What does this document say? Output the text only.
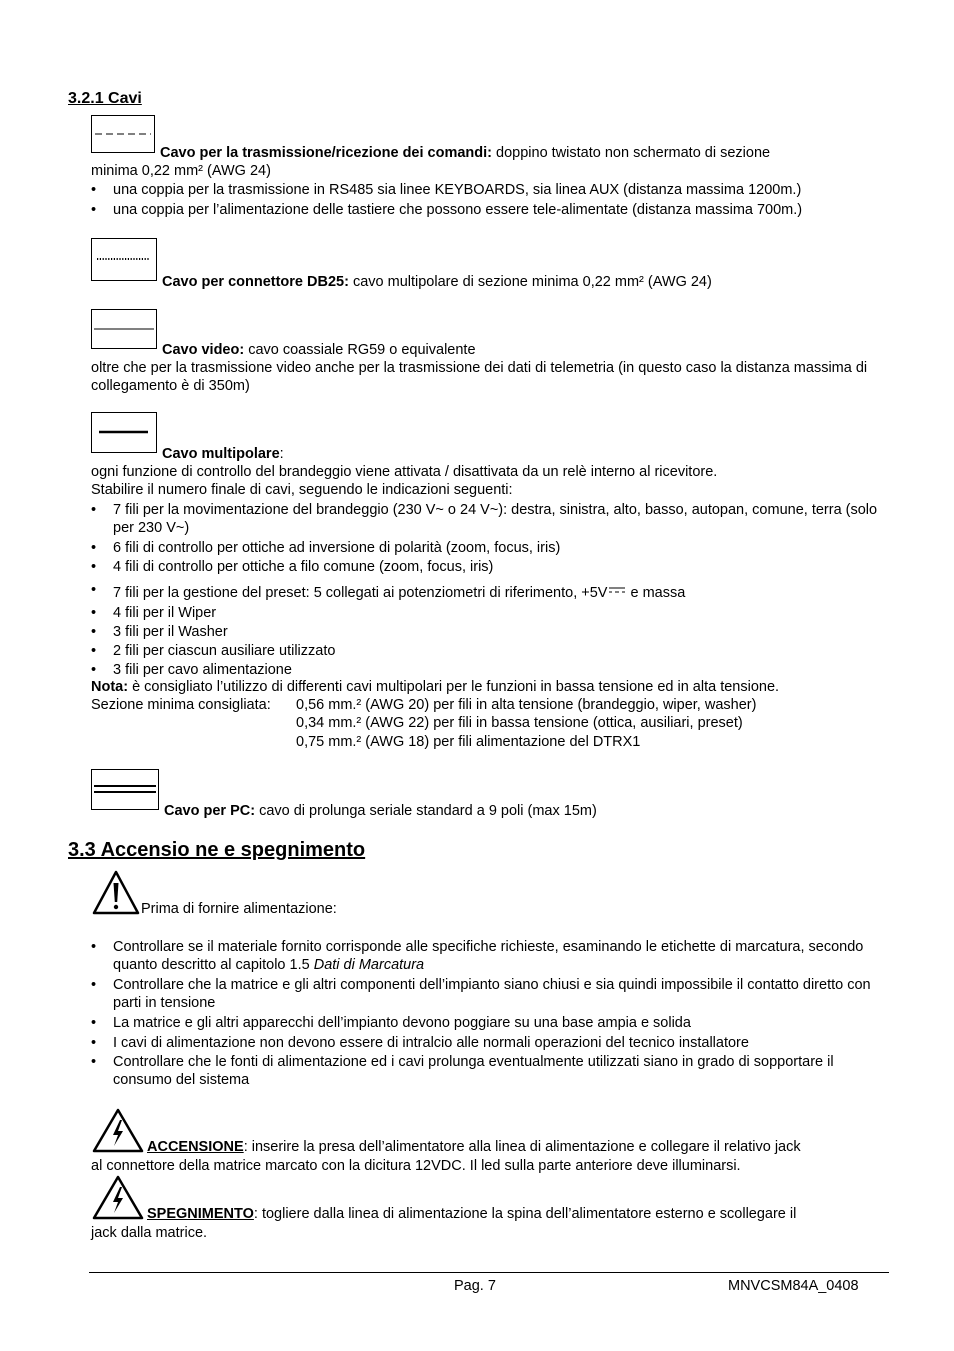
3.2.1 Cavi
Cavo per la trasmissione/ricezione dei comandi: doppino twistato non schermato di sezione
minima 0,22 mm² (AWG 24)
• una coppia per la trasmissione in RS485 sia linee KEYBOARDS, sia linea AUX (distanza massima 1200m.)
• una coppia per l’alimentazione delle tastiere che possono essere tele-alimentate (distanza massima 700m.)
Cavo per connettore DB25: cavo multipolare di sezione minima 0,22 mm² (AWG 24)
Cavo video: cavo coassiale RG59 o equivalente
oltre che per la trasmissione video anche per la trasmissione dei dati di telemetria (in questo caso la distanza massima di collegamento è di 350m)
Cavo multipolare:
ogni funzione di controllo del brandeggio viene attivata / disattivata da un relè interno al ricevitore.
Stabilire il numero finale di cavi, seguendo le indicazioni seguenti:
• 7 fili per la movimentazione del brandeggio (230 V~ o 24 V~): destra, sinistra, alto, basso, autopan, comune, terra (solo per 230 V~)
• 6 fili di controllo per ottiche ad inversione di polarità (zoom, focus, iris)
• 4 fili di controllo per ottiche a filo comune (zoom, focus, iris)
• 7 fili per la gestione del preset: 5 collegati ai potenziometri di riferimento, +5V e massa
• 4 fili per il Wiper
• 3 fili per il Washer
• 2 fili per ciascun ausiliare utilizzato
• 3 fili per cavo alimentazione
Nota: è consigliato l’utilizzo di differenti cavi multipolari per le funzioni in bassa tensione ed in alta tensione.
Sezione minima consigliata:	0,56 mm.² (AWG 20) per fili in alta tensione (brandeggio, wiper, washer)
0,34 mm.² (AWG 22) per fili in bassa tensione (ottica, ausiliari, preset)
0,75 mm.² (AWG 18) per fili alimentazione del DTRX1
Cavo per PC: cavo di prolunga seriale standard a 9 poli (max 15m)
3.3 Accensio ne e spegnimento
Prima di fornire alimentazione:
• Controllare se il materiale fornito corrisponde alle specifiche richieste, esaminando le etichette di marcatura, secondo quanto descritto al capitolo 1.5 Dati di Marcatura
• Controllare che la matrice e gli altri componenti dell’impianto siano chiusi e sia quindi impossibile il contatto diretto con parti in tensione
• La matrice e gli altri apparecchi dell’impianto devono poggiare su una base ampia e solida
• I cavi di alimentazione non devono essere di intralcio alle normali operazioni del tecnico installatore
• Controllare che le fonti di alimentazione ed i cavi prolunga eventualmente utilizzati siano in grado di sopportare il consumo del sistema
ACCENSIONE: inserire la presa dell’alimentatore alla linea di alimentazione e collegare il relativo jack
al connettore della matrice marcato con la dicitura 12VDC. Il led sulla parte anteriore deve illuminarsi.
SPEGNIMENTO: togliere dalla linea di alimentazione la spina dell’alimentatore esterno e scollegare il
jack dalla matrice.
Pag. 7	MNVCSM84A_0408
